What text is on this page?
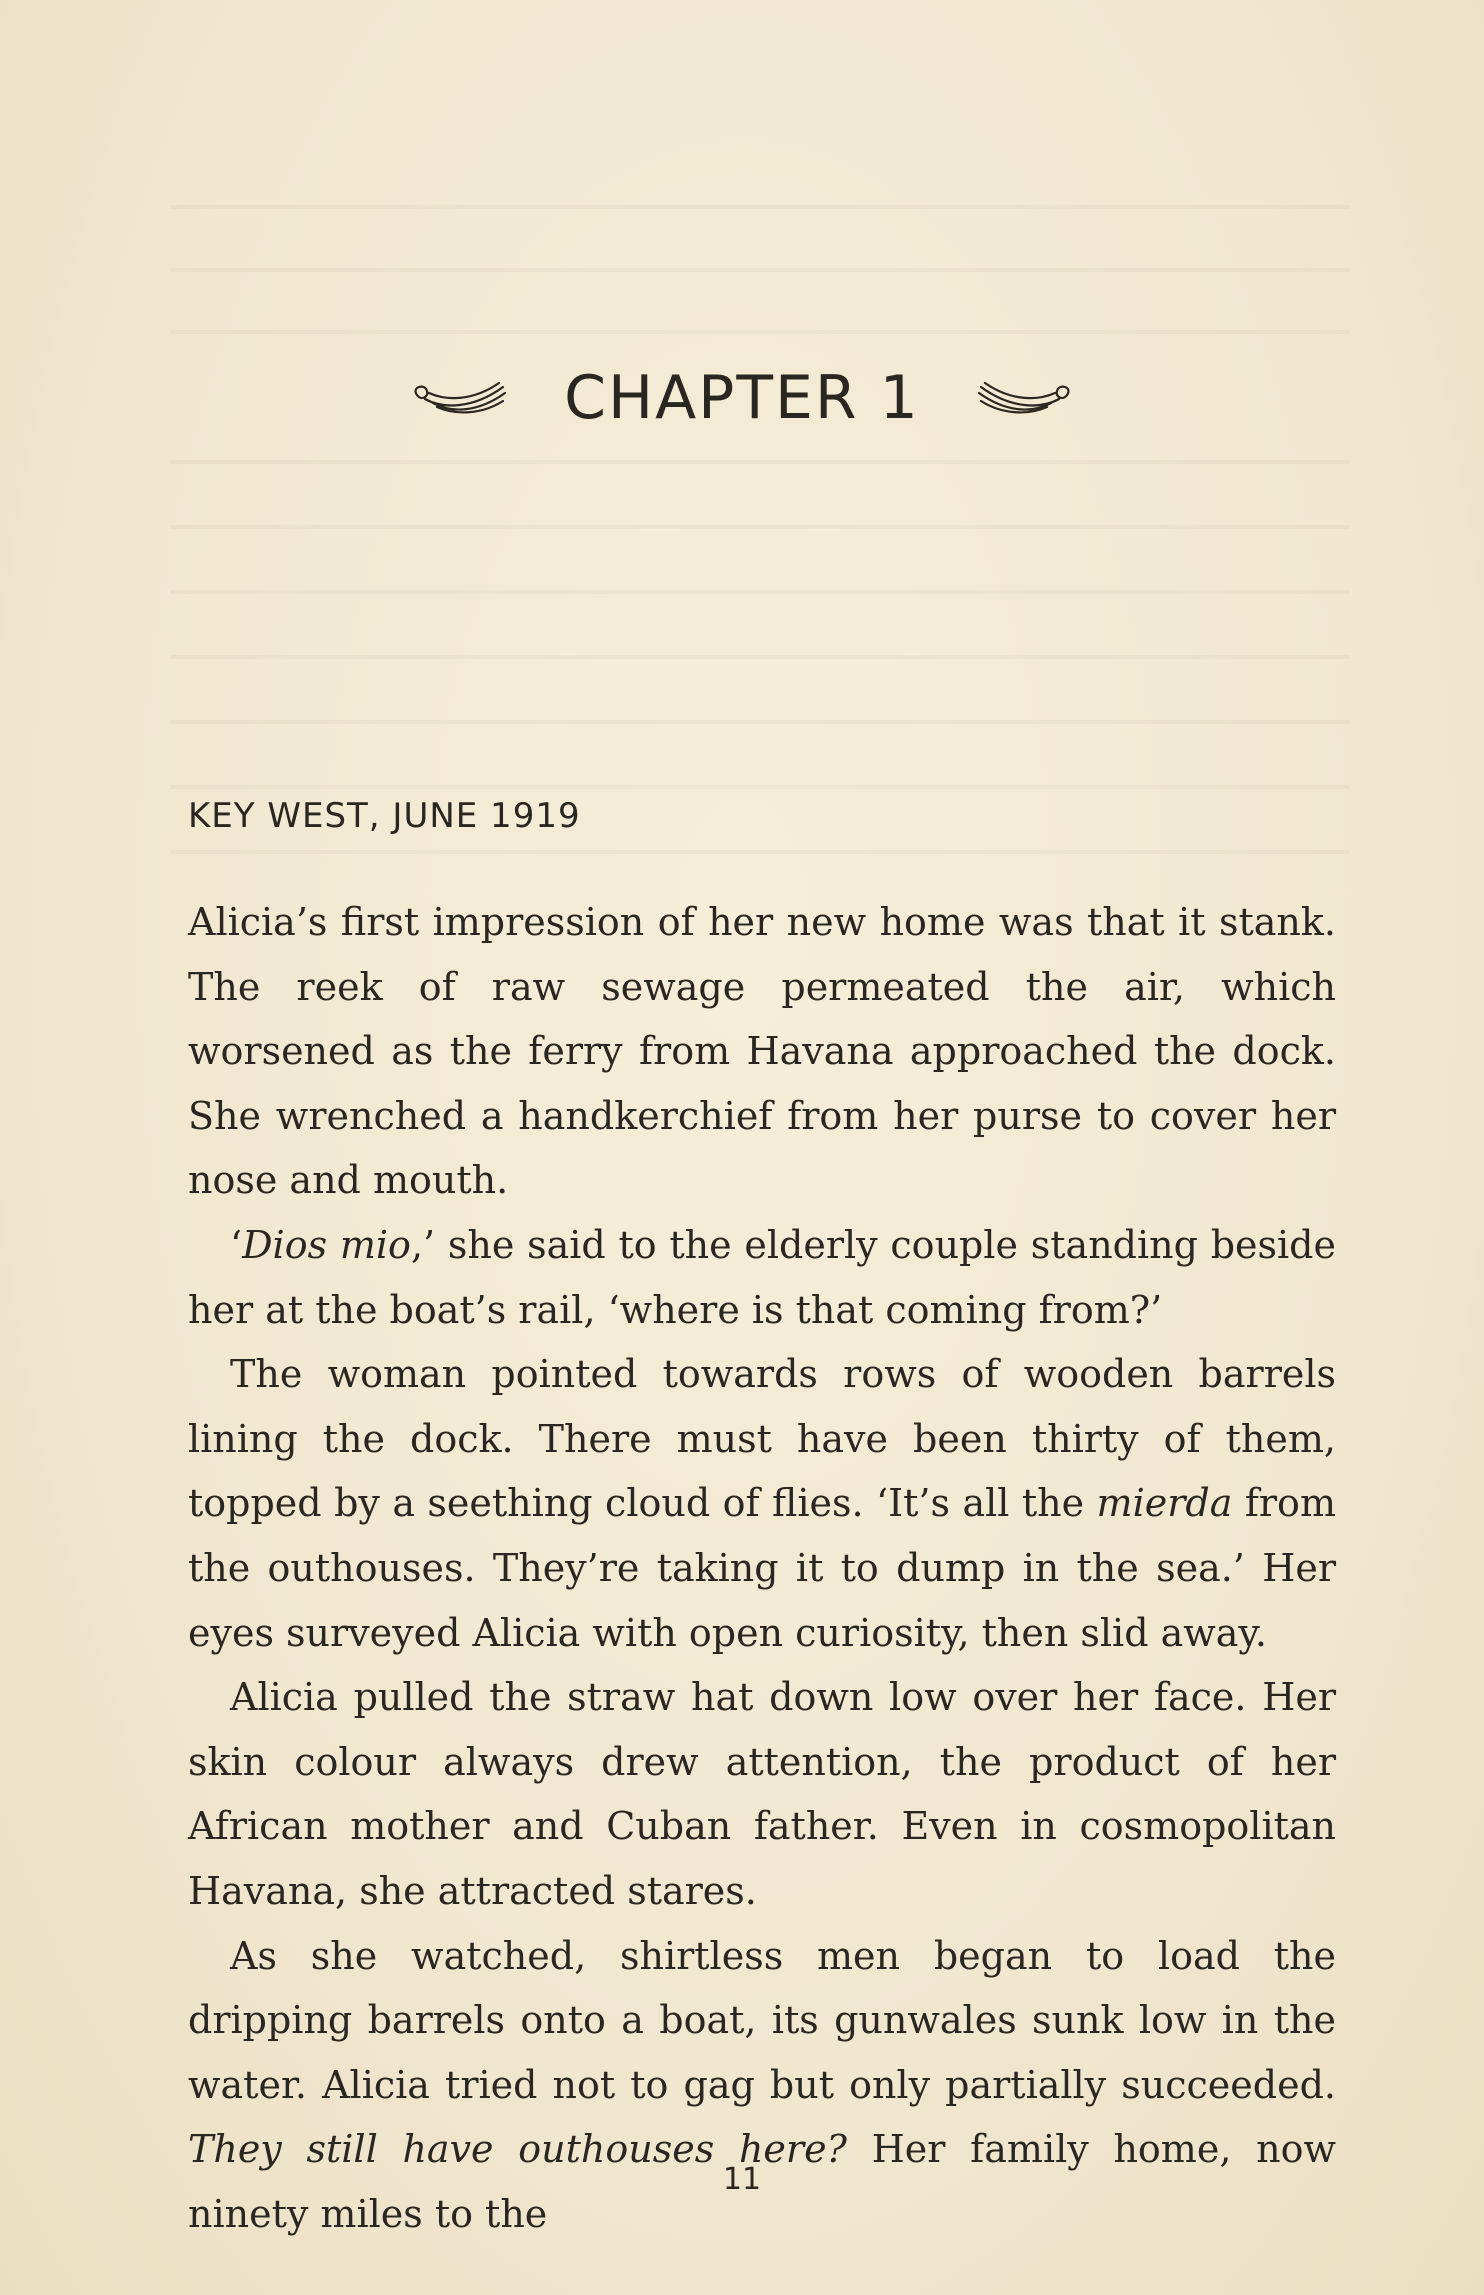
CHAPTER 1
KEY WEST, JUNE 1919

Alicia’s first impression of her new home was that it stank. The reek of raw sewage permeated the air, which worsened as the ferry from Havana approached the dock. She wrenched a handkerchief from her purse to cover her nose and mouth.

‘Dios mio,’ she said to the elderly couple standing beside her at the boat’s rail, ‘where is that coming from?’

The woman pointed towards rows of wooden barrels lining the dock. There must have been thirty of them, topped by a seething cloud of flies. ‘It’s all the mierda from the outhouses. They’re taking it to dump in the sea.’ Her eyes surveyed Alicia with open curiosity, then slid away.

Alicia pulled the straw hat down low over her face. Her skin colour always drew attention, the product of her African mother and Cuban father. Even in cosmopolitan Havana, she attracted stares.

As she watched, shirtless men began to load the dripping barrels onto a boat, its gunwales sunk low in the water. Alicia tried not to gag but only partially succeeded. They still have outhouses here? Her family home, now ninety miles to the

11
